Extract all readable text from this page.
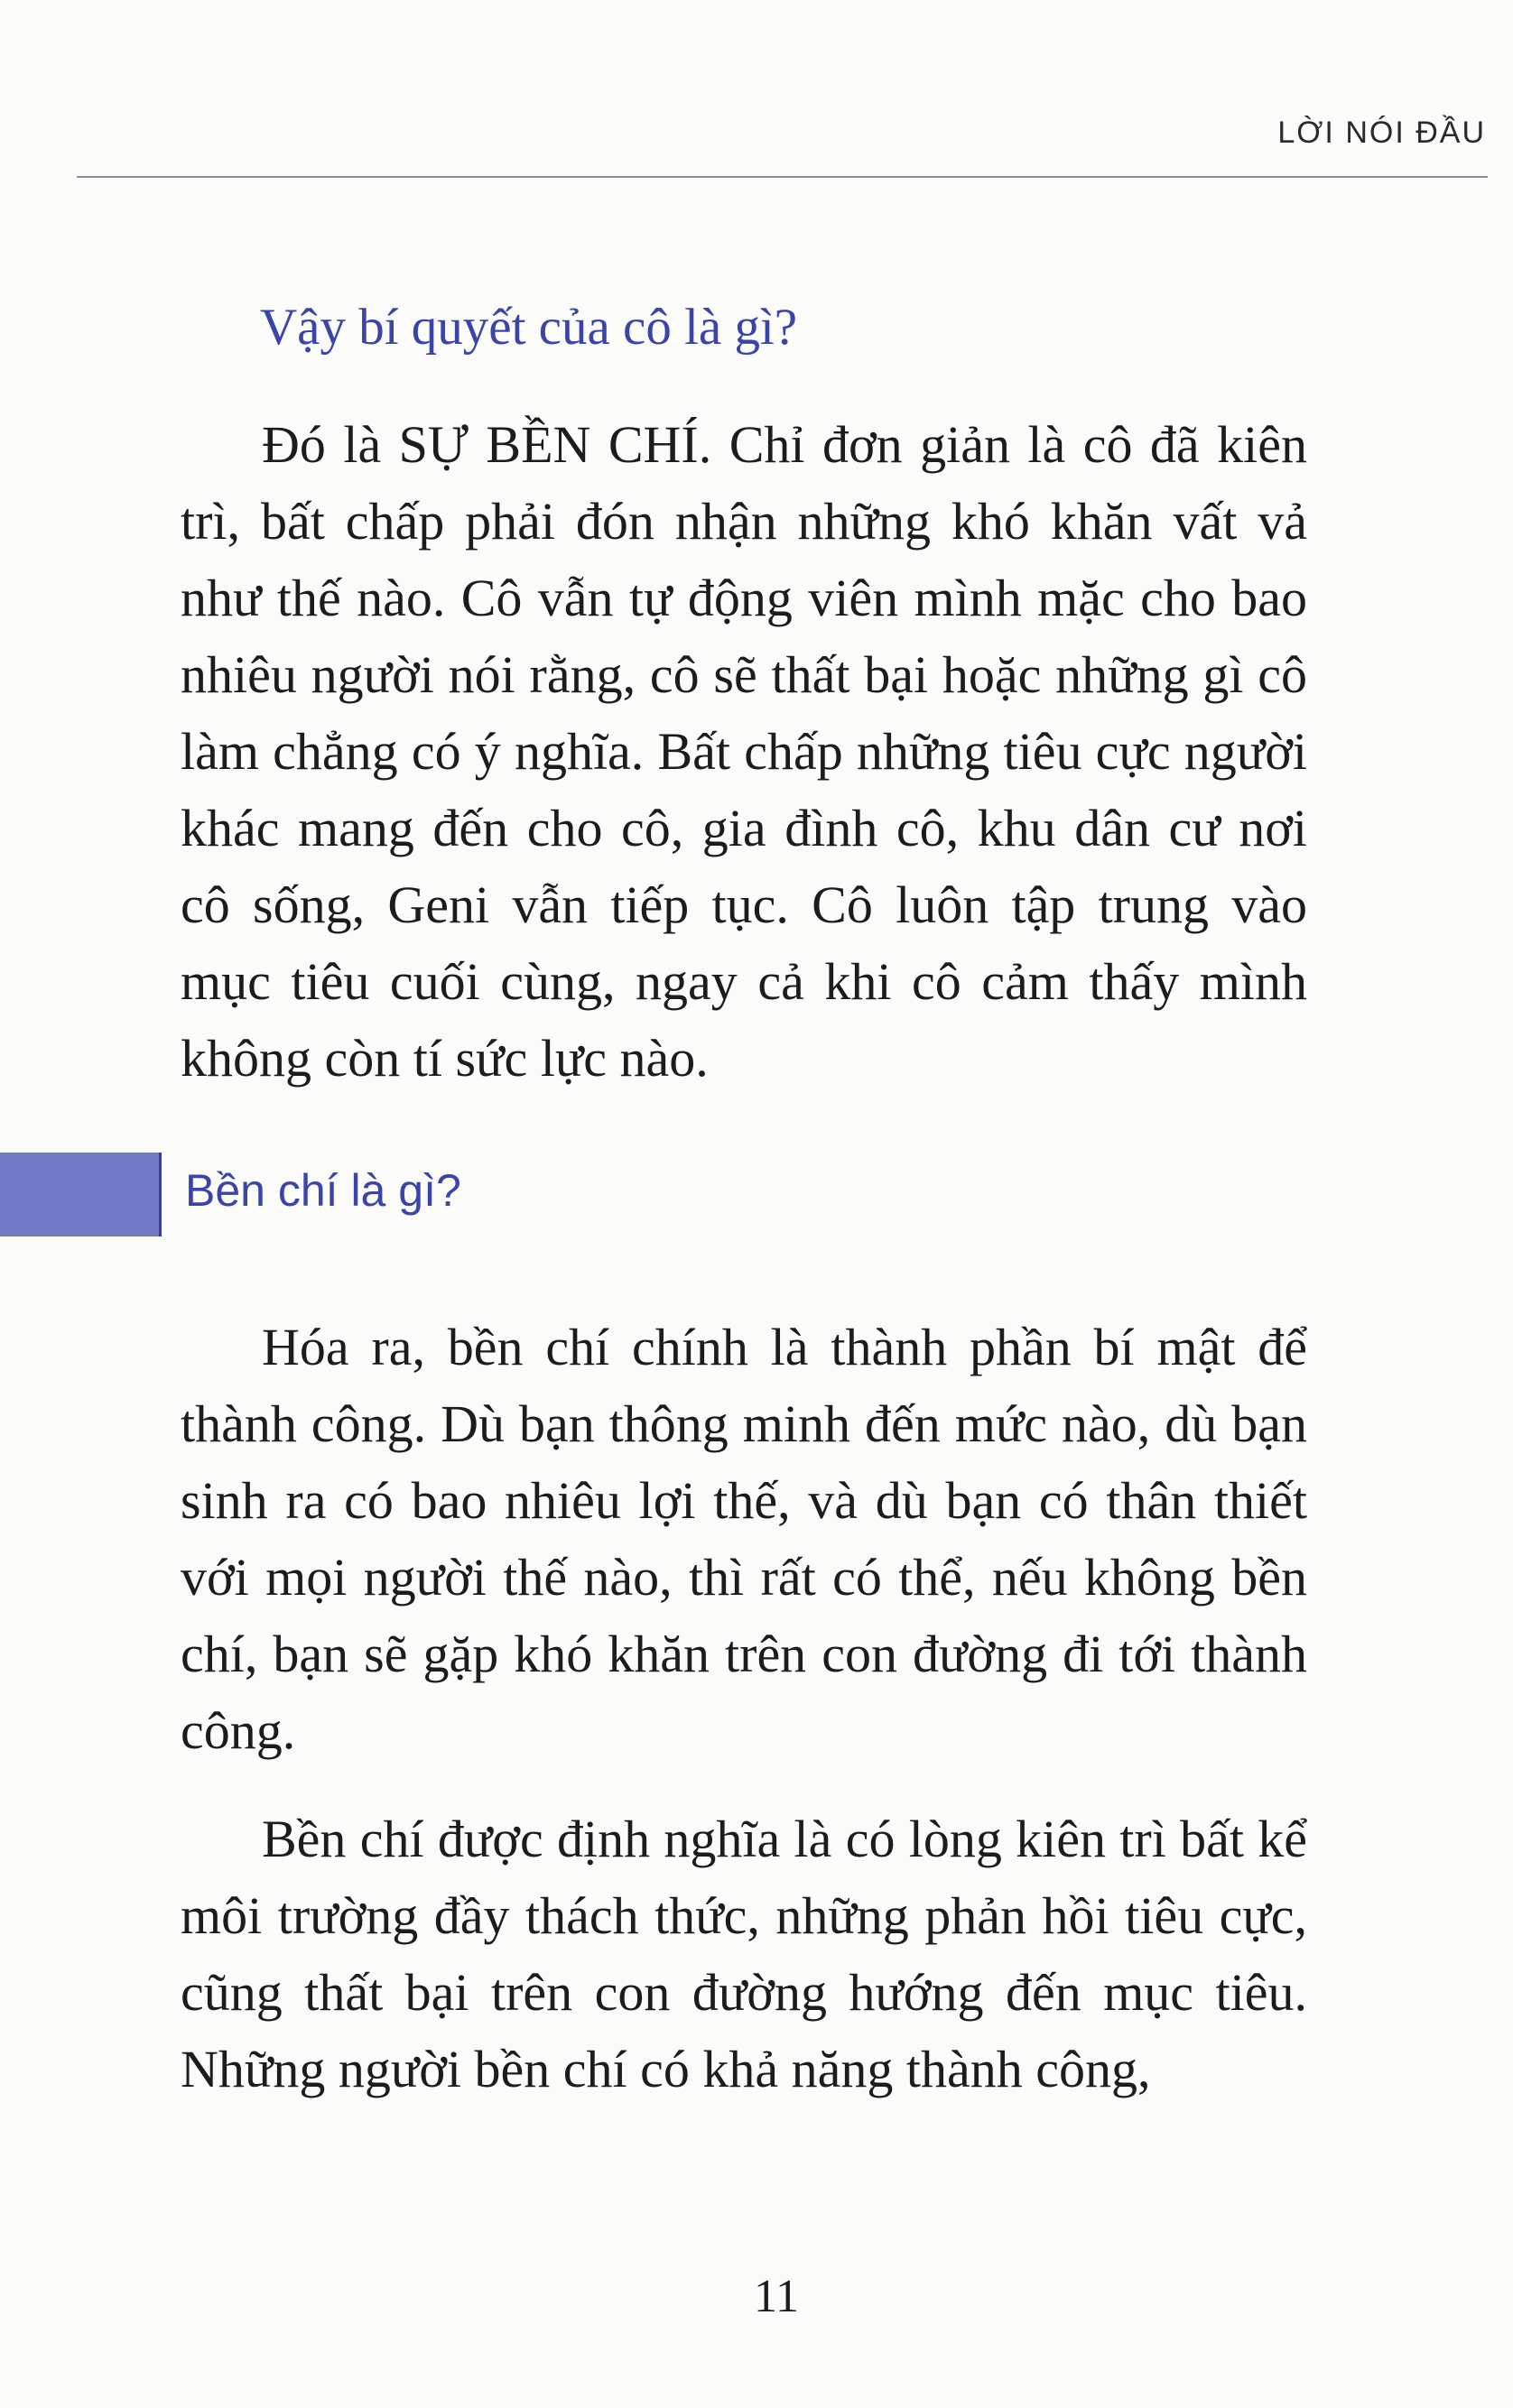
LỜI NÓI ĐẦU
Vậy bí quyết của cô là gì?

Đó là SỰ BỀN CHÍ. Chỉ đơn giản là cô đã kiên trì, bất chấp phải đón nhận những khó khăn vất vả như thế nào. Cô vẫn tự động viên mình mặc cho bao nhiêu người nói rằng, cô sẽ thất bại hoặc những gì cô làm chẳng có ý nghĩa. Bất chấp những tiêu cực người khác mang đến cho cô, gia đình cô, khu dân cư nơi cô sống, Geni vẫn tiếp tục. Cô luôn tập trung vào mục tiêu cuối cùng, ngay cả khi cô cảm thấy mình không còn tí sức lực nào.

Bền chí là gì?

Hóa ra, bền chí chính là thành phần bí mật để thành công. Dù bạn thông minh đến mức nào, dù bạn sinh ra có bao nhiêu lợi thế, và dù bạn có thân thiết với mọi người thế nào, thì rất có thể, nếu không bền chí, bạn sẽ gặp khó khăn trên con đường đi tới thành công.

Bền chí được định nghĩa là có lòng kiên trì bất kể môi trường đầy thách thức, những phản hồi tiêu cực, cũng thất bại trên con đường hướng đến mục tiêu. Những người bền chí có khả năng thành công,

11
